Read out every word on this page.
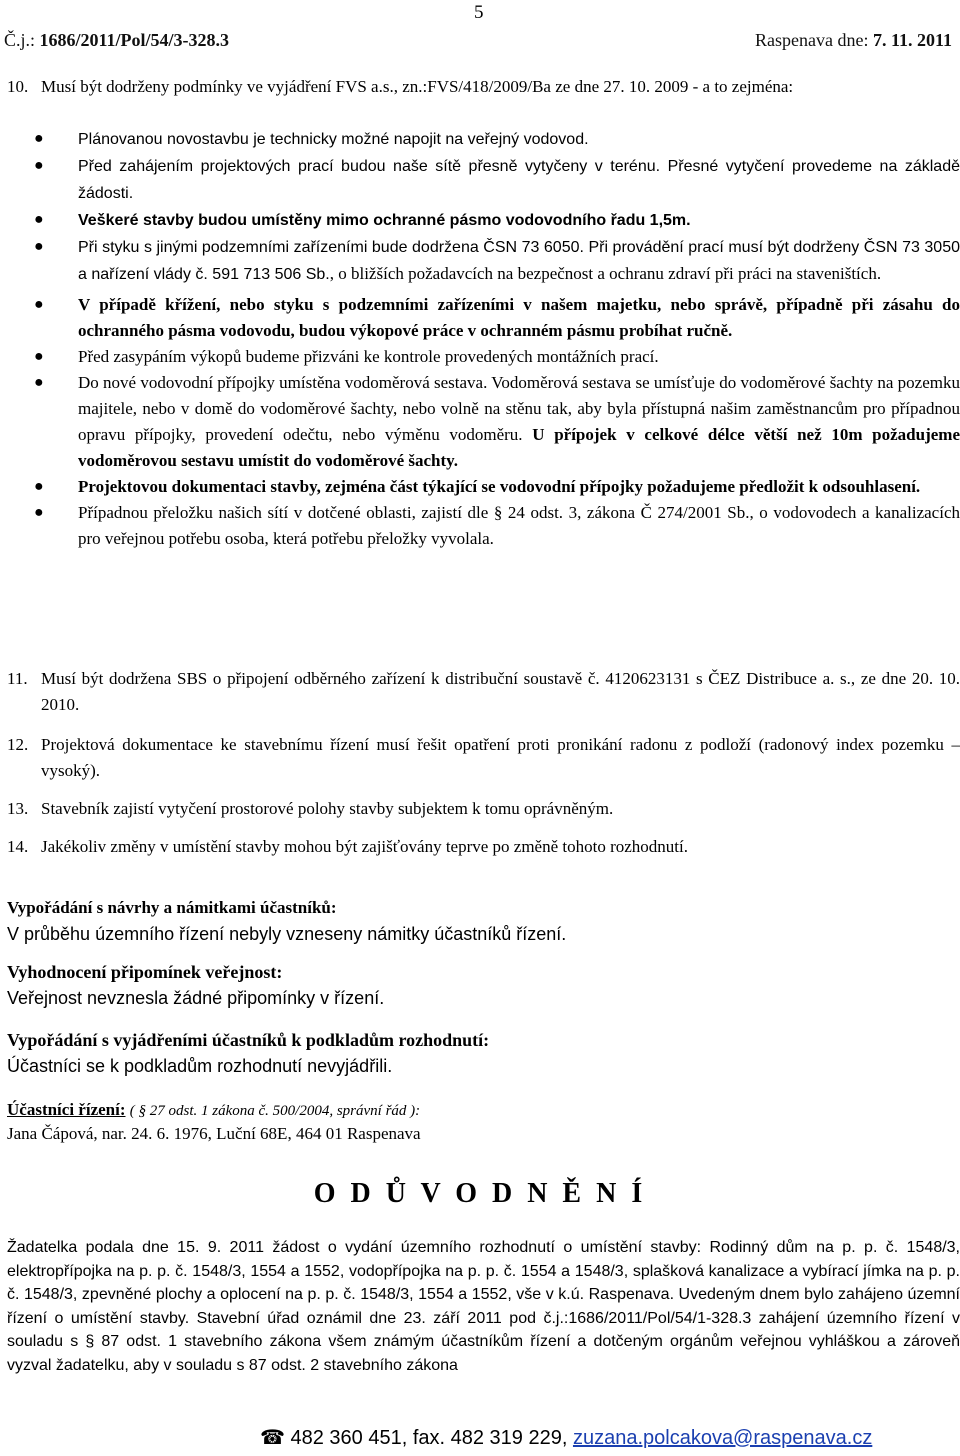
5
Č.j.: 1686/2011/Pol/54/3-328.3	Raspenava dne: 7. 11. 2011
10. Musí být dodrženy podmínky ve vyjádření FVS a.s., zn.:FVS/418/2009/Ba ze dne 27. 10. 2009 - a to zejména:
● Plánovanou novostavbu je technicky možné napojit na veřejný vodovod.
● Před zahájením projektových prací budou naše sítě přesně vytyčeny v terénu. Přesné vytyčení provedeme na základě žádosti.
● Veškeré stavby budou umístěny mimo ochranné pásmo vodovodního řadu 1,5m.
● Při styku s jinými podzemními zařízeními bude dodržena ČSN 73 6050. Při provádění prací musí být dodrženy ČSN 73 3050 a nařízení vlády č. 591 713 506 Sb., o bližších požadavcích na bezpečnost a ochranu zdraví při práci na staveništích.
● V případě křížení, nebo styku s podzemními zařízeními v našem majetku, nebo správě, případně při zásahu do ochranného pásma vodovodu, budou výkopové práce v ochranném pásmu probíhat ručně.
● Před zasypáním výkopů budeme přizváni ke kontrole provedených montážních prací.
● Do nové vodovodní přípojky umístěna vodoměrová sestava. Vodoměrová sestava se umísťuje do vodoměrové šachty na pozemku majitele, nebo v domě do vodoměrové šachty, nebo volně na stěnu tak, aby byla přístupná našim zaměstnancům pro případnou opravu přípojky, provedení odečtu, nebo výměnu vodoměru. U přípojek v celkové délce větší než 10m požadujeme vodoměrovou sestavu umístit do vodoměrové šachty.
● Projektovou dokumentaci stavby, zejména část týkající se vodovodní přípojky požadujeme předložit k odsouhlasení.
● Případnou přeložku našich sítí v dotčené oblasti, zajistí dle § 24 odst. 3, zákona Č 274/2001 Sb., o vodovodech a kanalizacích pro veřejnou potřebu osoba, která potřebu přeložky vyvolala.
11. Musí být dodržena SBS o připojení odběrného zařízení k distribuční soustavě č. 4120623131 s ČEZ Distribuce a. s., ze dne 20. 10. 2010.
12. Projektová dokumentace ke stavebnímu řízení musí řešit opatření proti pronikání radonu z podloží (radonový index pozemku – vysoký).
13. Stavebník zajistí vytyčení prostorové polohy stavby subjektem k tomu oprávněným.
14. Jakékoliv změny v umístění stavby mohou být zajišťovány teprve po změně tohoto rozhodnutí.
Vypořádání s návrhy a námitkami účastníků:
V průběhu územního řízení nebyly vzneseny námitky účastníků řízení.
Vyhodnocení připomínek veřejnost:
Veřejnost nevznesla žádné připomínky v řízení.
Vypořádání s vyjádřeními účastníků k podkladům rozhodnutí:
Účastníci se k podkladům rozhodnutí nevyjádřili.
Účastníci řízení: ( § 27 odst. 1 zákona č. 500/2004, správní řád ):
Jana Čápová, nar. 24. 6. 1976, Luční 68E, 464 01 Raspenava
O D Ů V O D N Ě N Í
Žadatelka podala dne 15. 9. 2011 žádost o vydání územního rozhodnutí o umístění stavby: Rodinný dům na p. p. č. 1548/3, elektropřípojka na p. p. č. 1548/3, 1554 a 1552, vodopřípojka na p. p. č. 1554 a 1548/3, splašková kanalizace a vybírací jímka na p. p. č. 1548/3, zpevněné plochy a oplocení na p. p. č. 1548/3, 1554 a 1552, vše v k.ú. Raspenava. Uvedeným dnem bylo zahájeno územní řízení o umístění stavby. Stavební úřad oznámil dne 23. září 2011 pod č.j.:1686/2011/Pol/54/1-328.3 zahájení územního řízení v souladu s § 87 odst. 1 stavebního zákona všem známým účastníkům řízení a dotčeným orgánům veřejnou vyhláškou a zároveň vyzval žadatelku, aby v souladu s 87 odst. 2 stavebního zákona
☎ 482 360 451, fax. 482 319 229, zuzana.polcakova@raspenava.cz
